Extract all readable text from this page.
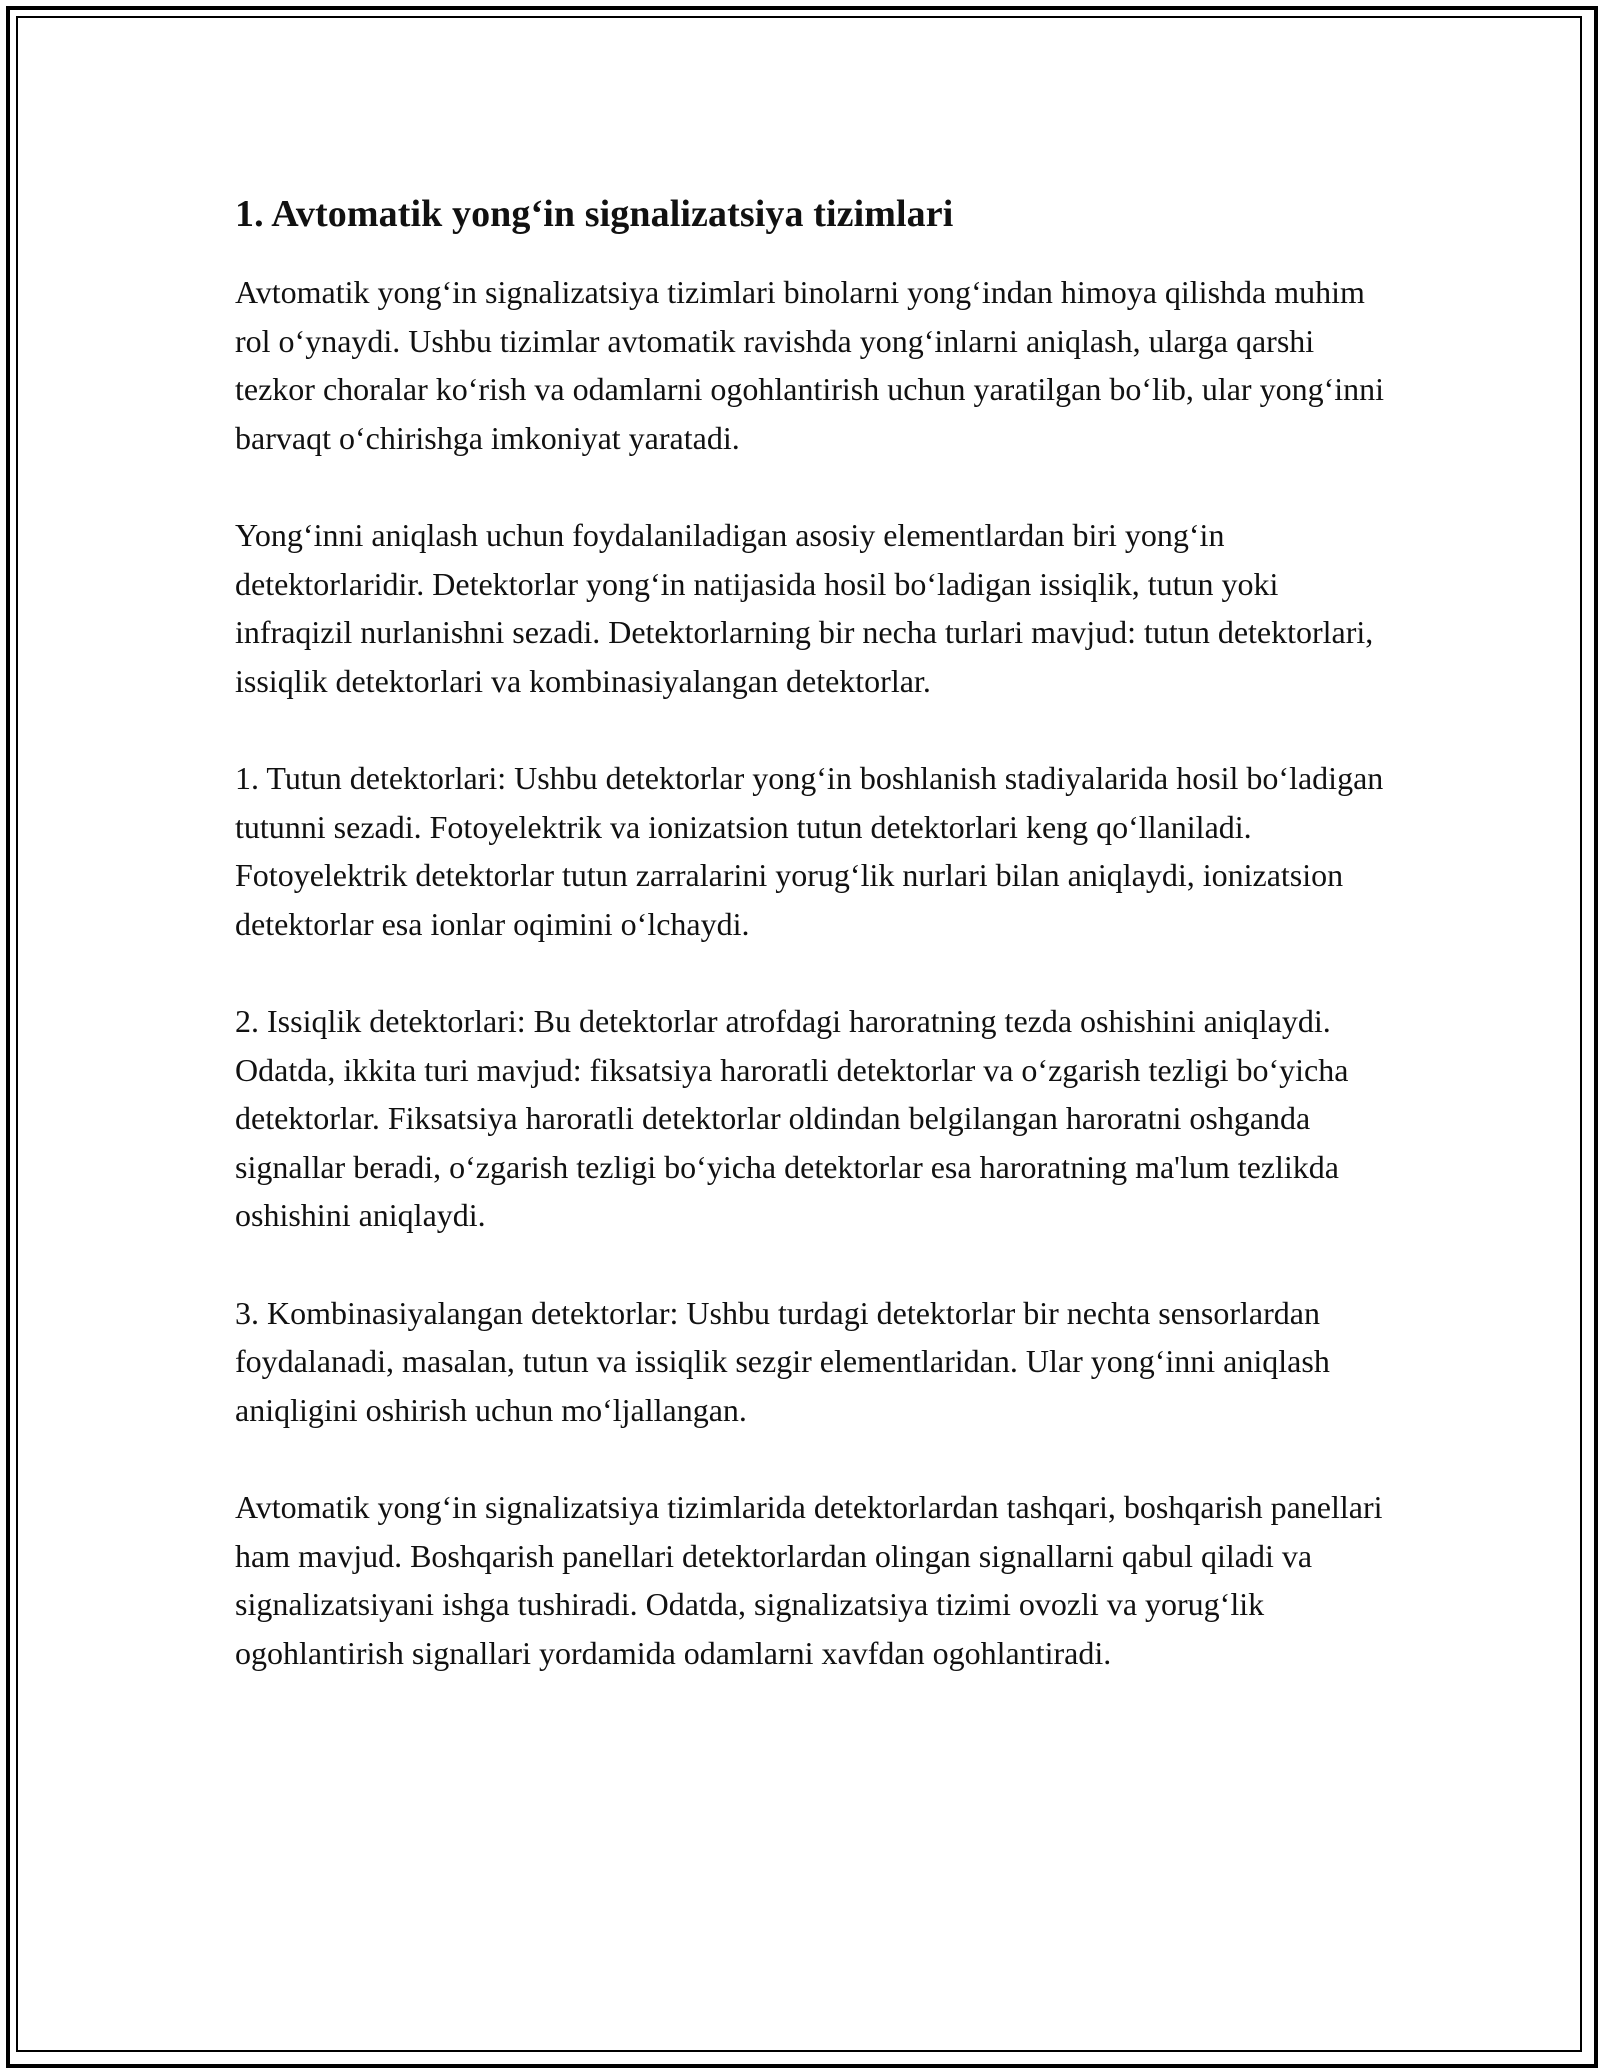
1. Avtomatik yong‘in signalizatsiya tizimlari

Avtomatik yong‘in signalizatsiya tizimlari binolarni yong‘indan himoya qilishda muhim rol o‘ynaydi. Ushbu tizimlar avtomatik ravishda yong‘inlarni aniqlash, ularga qarshi tezkor choralar ko‘rish va odamlarni ogohlantirish uchun yaratilgan bo‘lib, ular yong‘inni barvaqt o‘chirishga imkoniyat yaratadi.

Yong‘inni aniqlash uchun foydalaniladigan asosiy elementlardan biri yong‘in detektorlaridir. Detektorlar yong‘in natijasida hosil bo‘ladigan issiqlik, tutun yoki infraqizil nurlanishni sezadi. Detektorlarning bir necha turlari mavjud: tutun detektorlari, issiqlik detektorlari va kombinasiyalangan detektorlar.

1. Tutun detektorlari: Ushbu detektorlar yong‘in boshlanish stadiyalarida hosil bo‘ladigan tutunni sezadi. Fotoyelektrik va ionizatsion tutun detektorlari keng qo‘llaniladi. Fotoyelektrik detektorlar tutun zarralarini yorug‘lik nurlari bilan aniqlaydi, ionizatsion detektorlar esa ionlar oqimini o‘lchaydi.

2. Issiqlik detektorlari: Bu detektorlar atrofdagi haroratning tezda oshishini aniqlaydi. Odatda, ikkita turi mavjud: fiksatsiya haroratli detektorlar va o‘zgarish tezligi bo‘yicha detektorlar. Fiksatsiya haroratli detektorlar oldindan belgilangan haroratni oshganda signallar beradi, o‘zgarish tezligi bo‘yicha detektorlar esa haroratning ma'lum tezlikda oshishini aniqlaydi.

3. Kombinasiyalangan detektorlar: Ushbu turdagi detektorlar bir nechta sensorlardan foydalanadi, masalan, tutun va issiqlik sezgir elementlaridan. Ular yong‘inni aniqlash aniqligini oshirish uchun mo‘ljallangan.

Avtomatik yong‘in signalizatsiya tizimlarida detektorlardan tashqari, boshqarish panellari ham mavjud. Boshqarish panellari detektorlardan olingan signallarni qabul qiladi va signalizatsiyani ishga tushiradi. Odatda, signalizatsiya tizimi ovozli va yorug‘lik ogohlantirish signallari yordamida odamlarni xavfdan ogohlantiradi.
